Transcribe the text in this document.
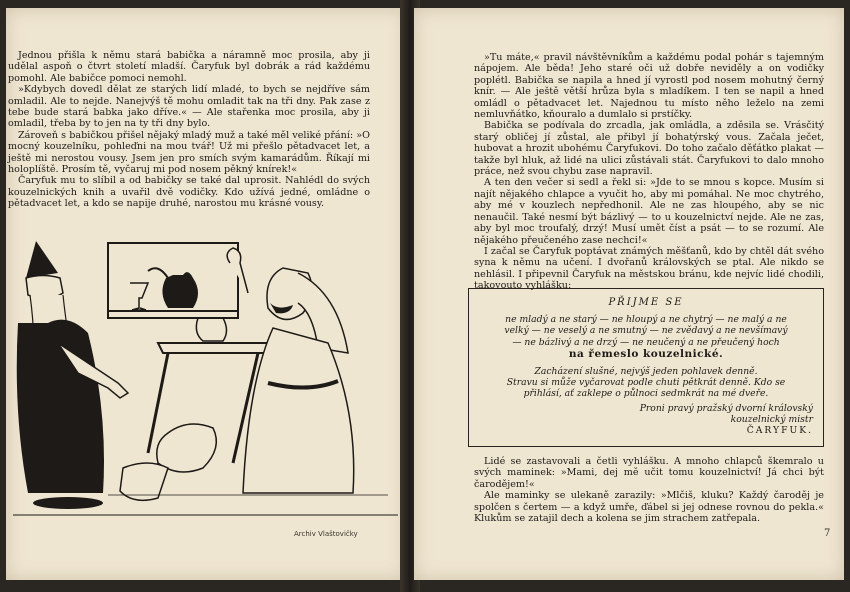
Jednou přišla k němu stará babička a náramně moc prosila, aby ji udělal aspoň o čtvrt století mladší. Čaryfuk byl dobrák a rád každému pomohl. Ale babičce pomoci nemohl.

»Kdybych dovedl dělat ze starých lidí mladé, to bych se nejdříve sám omladil. Ale to nejde. Nanejvýš tě mohu omladit tak na tři dny. Pak zase z tebe bude stará babka jako dříve.« — Ale stařenka moc prosila, aby ji omladil, třeba by to jen na ty tři dny bylo.

Zároveň s babičkou přišel nějaký mladý muž a také měl veliké přání: »O mocný kouzelníku, pohleďni na mou tvář! Už mi přešlo pětadvacet let, a ještě mi nerostou vousy. Jsem jen pro smích svým kamarádům. Říkají mi holoplíště. Prosím tě, vyčaruj mi pod nosem pěkný knírek!«

Čaryfuk mu to slíbil a od babičky se také dal uprosit. Nahlédl do svých kouzelnických knih a uvařil dvě vodičky. Kdo užívá jedné, omládne o pětadvacet let, a kdo se napije druhé, narostou mu krásné vousy.

Archiv Vlaštovičky

»Tu máte,« pravil návštěvníkům a každému podal pohár s tajemným nápojem. Ale běda! Jeho staré oči už dobře neviděly a on vodičky poplétl. Babička se napila a hned jí vyrostl pod nosem mohutný černý knír. — Ale ještě větší hrůza byla s mladíkem. I ten se napil a hned omládl o pětadvacet let. Najednou tu místo něho leželo na zemi nemluvňátko, kňouralo a dumlalo si prstíčky.

Babička se podívala do zrcadla, jak omládla, a zděsila se. Vrásčitý starý obličej jí zůstal, ale přibyl jí bohatýrský vous. Začala ječet, hubovat a hrozit ubohému Čaryfukovi. Do toho začalo děťátko plakat — takže byl hluk, až lidé na ulici zůstávali stát. Čaryfukovi to dalo mnoho práce, než svou chybu zase napravil.

A ten den večer si sedl a řekl si: »Jde to se mnou s kopce. Musím si najít nějakého chlapce a vyučit ho, aby mi pomáhal. Ne moc chytrého, aby mé v kouzlech nepředhonil. Ale ne zas hloupého, aby se nic nenaučil. Také nesmí být bázlivý — to u kouzelnictví nejde. Ale ne zas, aby byl moc troufalý, drzý! Musí umět číst a psát — to se rozumí. Ale nějakého přeučeného zase nechci!«

I začal se Čaryfuk poptávat známých měšťanů, kdo by chtěl dát svého syna k němu na učení. I dvořanů královských se ptal. Ale nikdo se nehlásil. I připevnil Čaryfuk na městskou bránu, kde nejvíc lidé chodili, takovouto vyhlášku:

PŘIJME SE
ne mladý a ne starý — ne hloupý a ne chytrý — ne malý a ne
velký — ne veselý a ne smutný — ne zvědavý a ne nevšímavý
— ne bázlivý a ne drzý — ne neučený a ne přeučený hoch
na řemeslo kouzelnické.
Zacházení slušné, nejvýš jeden pohlavek denně.
Stravu si může vyčarovat podle chuti pětkrát denně. Kdo se
přihlásí, ať zaklepe o půlnoci sedmkrát na mé dveře.
Proni pravý pražský dvorní královský
kouzelnický mistr
ČARYFUK.

Lidé se zastavovali a četli vyhlášku. A mnoho chlapců škemralo u svých maminek: »Mami, dej mě učit tomu kouzelnictví! Já chci být čarodějem!«

Ale maminky se ulekaně zarazily: »Mlčiš, kluku? Každý čaroděj je spolčen s čertem — a když umře, ďábel si jej odnese rovnou do pekla.« Klukům se zatajil dech a kolena se jim strachem zatřepala.

7
